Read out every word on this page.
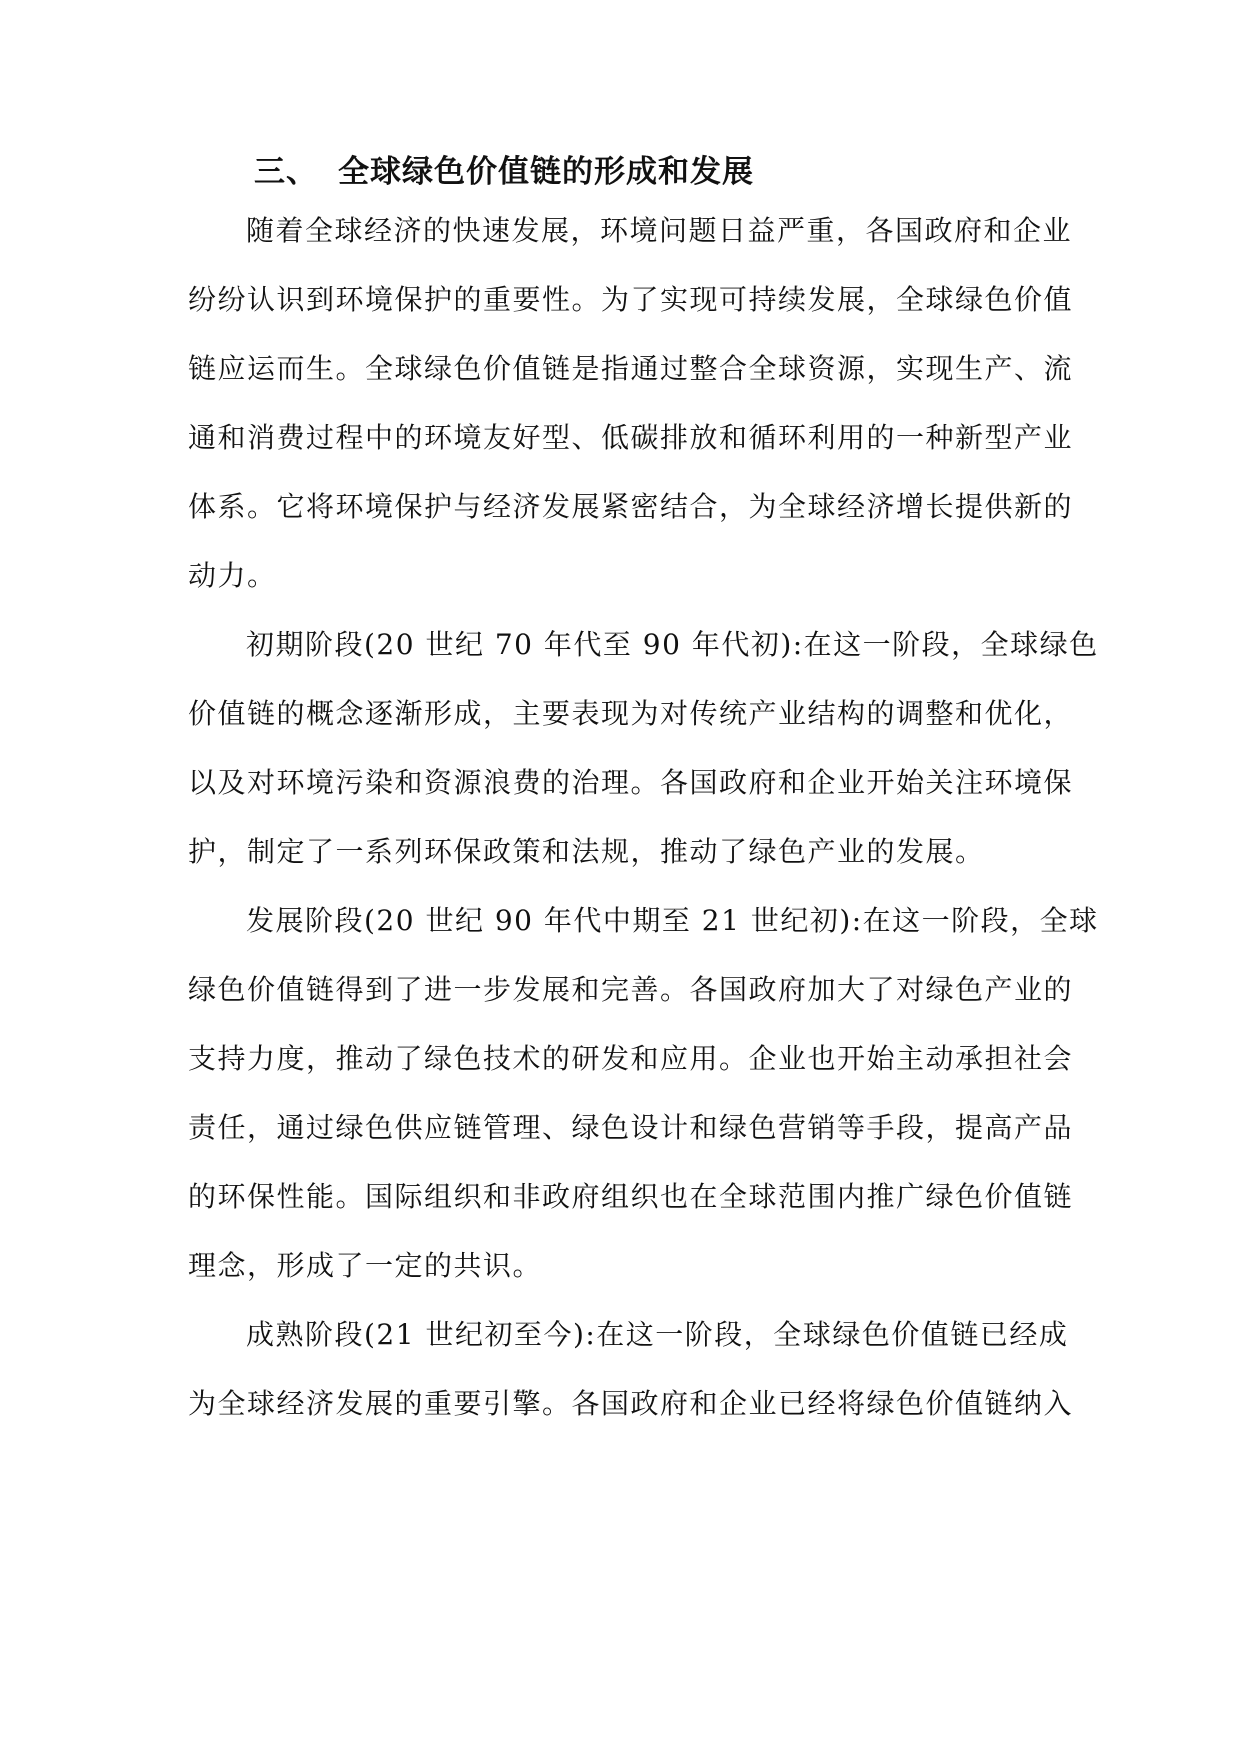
三、 全球绿色价值链的形成和发展
随着全球经济的快速发展，环境问题日益严重，各国政府和企业
纷纷认识到环境保护的重要性。为了实现可持续发展，全球绿色价值
链应运而生。全球绿色价值链是指通过整合全球资源，实现生产、流
通和消费过程中的环境友好型、低碳排放和循环利用的一种新型产业
体系。它将环境保护与经济发展紧密结合，为全球经济增长提供新的
动力。
初期阶段(20 世纪 70 年代至 90 年代初):在这一阶段，全球绿色
价值链的概念逐渐形成，主要表现为对传统产业结构的调整和优化，
以及对环境污染和资源浪费的治理。各国政府和企业开始关注环境保
护，制定了一系列环保政策和法规，推动了绿色产业的发展。
发展阶段(20 世纪 90 年代中期至 21 世纪初):在这一阶段，全球
绿色价值链得到了进一步发展和完善。各国政府加大了对绿色产业的
支持力度，推动了绿色技术的研发和应用。企业也开始主动承担社会
责任，通过绿色供应链管理、绿色设计和绿色营销等手段，提高产品
的环保性能。国际组织和非政府组织也在全球范围内推广绿色价值链
理念，形成了一定的共识。
成熟阶段(21 世纪初至今):在这一阶段，全球绿色价值链已经成
为全球经济发展的重要引擎。各国政府和企业已经将绿色价值链纳入
